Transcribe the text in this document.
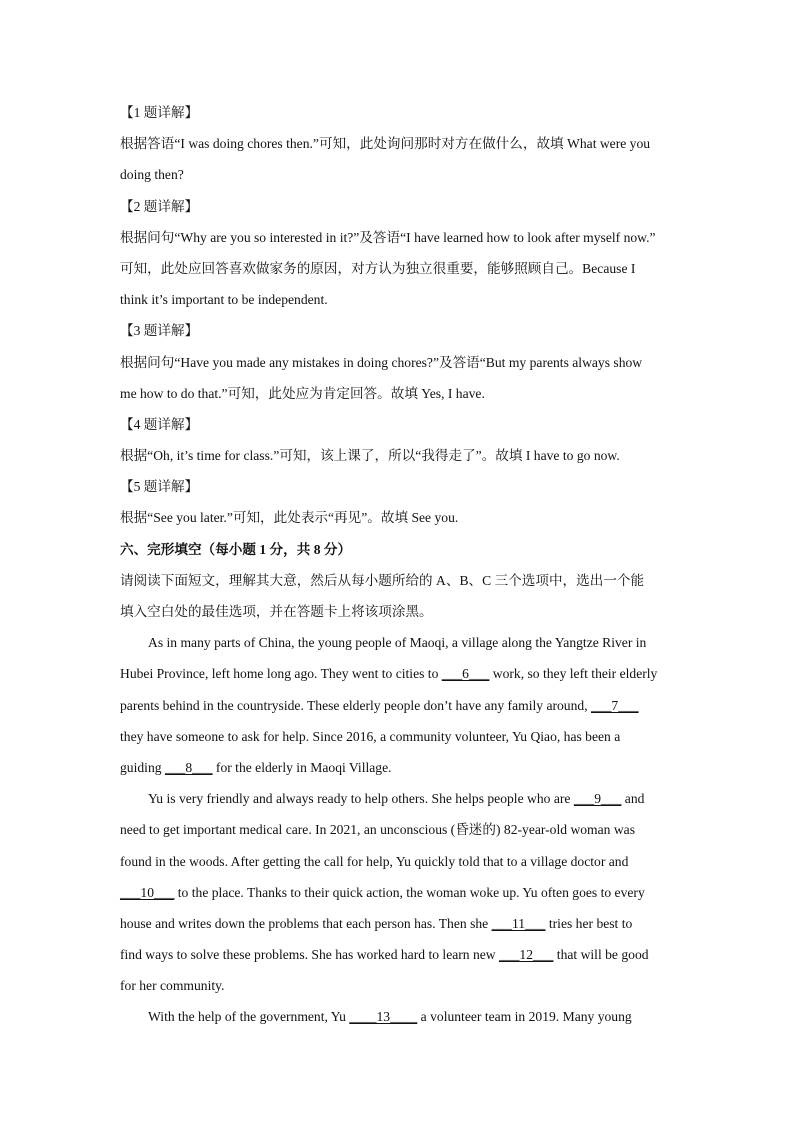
【1 题详解】
根据答语“I was doing chores then.”可知，此处询问那时对方在做什么，故填 What were you
doing then?
【2 题详解】
根据问句“Why are you so interested in it?”及答语“I have learned how to look after myself now.”
可知，此处应回答喜欢做家务的原因，对方认为独立很重要，能够照顾自己。Because I
think it’s important to be independent.
【3 题详解】
根据问句“Have you made any mistakes in doing chores?”及答语“But my parents always show
me how to do that.”可知，此处应为肯定回答。故填 Yes, I have.
【4 题详解】
根据“Oh, it’s time for class.”可知，该上课了，所以“我得走了”。故填 I have to go now.
【5 题详解】
根据“See you later.”可知，此处表示“再见”。故填 See you.
六、完形填空（每小题 1 分，共 8 分）
请阅读下面短文，理解其大意，然后从每小题所给的 A、B、C 三个选项中，选出一个能
填入空白处的最佳选项，并在答题卡上将该项涂黑。
As in many parts of China, the young people of Maoqi, a village along the Yangtze River in
Hubei Province, left home long ago. They went to cities to ___6___ work, so they left their elderly
parents behind in the countryside. These elderly people don’t have any family around, ___7___
they have someone to ask for help. Since 2016, a community volunteer, Yu Qiao, has been a
guiding ___8___ for the elderly in Maoqi Village.
Yu is very friendly and always ready to help others. She helps people who are ___9___ and
need to get important medical care. In 2021, an unconscious (昏迷的) 82-year-old woman was
found in the woods. After getting the call for help, Yu quickly told that to a village doctor and
___10___ to the place. Thanks to their quick action, the woman woke up. Yu often goes to every
house and writes down the problems that each person has. Then she ___11___ tries her best to
find ways to solve these problems. She has worked hard to learn new ___12___ that will be good
for her community.
With the help of the government, Yu ____13____ a volunteer team in 2019. Many young
